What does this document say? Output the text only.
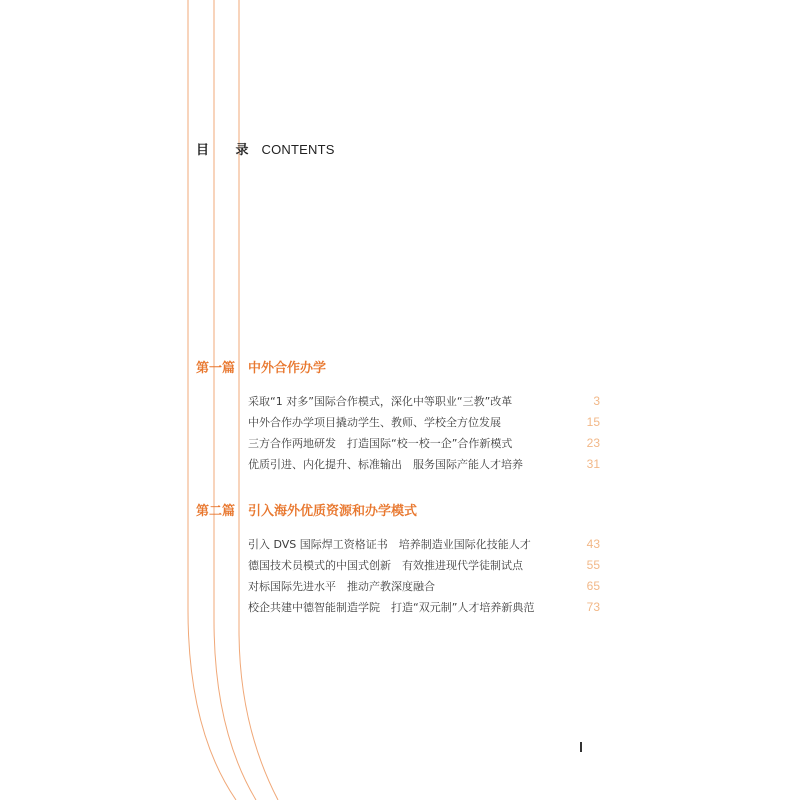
目 录 CONTENTS
第一篇 中外合作办学
采取“1 对多”国际合作模式，深化中等职业“三教”改革	3
中外合作办学项目撬动学生、教师、学校全方位发展	15
三方合作两地研发　打造国际“校一校一企”合作新模式	23
优质引进、内化提升、标准输出　服务国际产能人才培养	31
第二篇 引入海外优质资源和办学模式
引入 DVS 国际焊工资格证书　培养制造业国际化技能人才	43
德国技术员模式的中国式创新　有效推进现代学徒制试点	55
对标国际先进水平　推动产教深度融合	65
校企共建中德智能制造学院　打造“双元制”人才培养新典范	73
